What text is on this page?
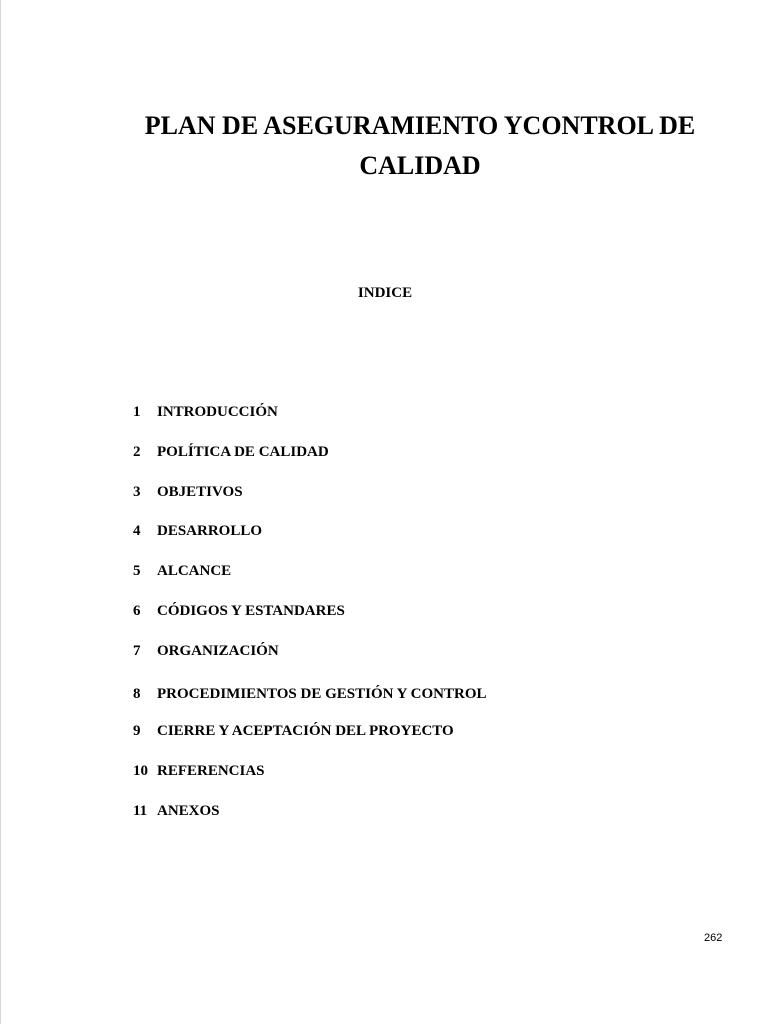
PLAN DE ASEGURAMIENTO YCONTROL DE
CALIDAD
INDICE
1 INTRODUCCIÓN
2 POLÍTICA DE CALIDAD
3 OBJETIVOS
4 DESARROLLO
5 ALCANCE
6 CÓDIGOS Y ESTANDARES
7 ORGANIZACIÓN
8 PROCEDIMIENTOS DE GESTIÓN Y CONTROL
9 CIERRE Y ACEPTACIÓN DEL PROYECTO
10 REFERENCIAS
11 ANEXOS
262
